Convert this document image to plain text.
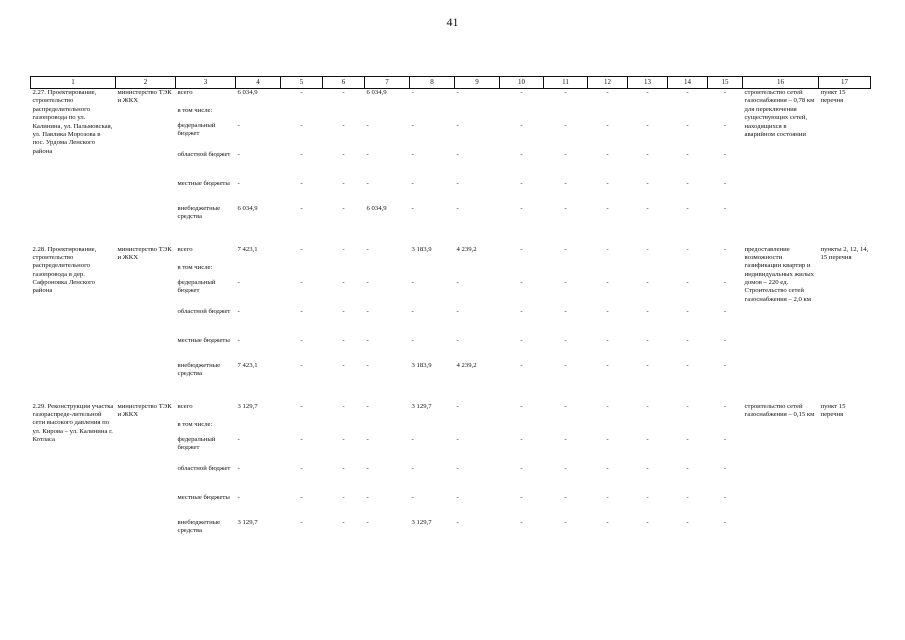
41
1	2	3	4	5	6	7	8	9	10	11	12	13	14	15	16	17
2.27. Проектирование, строительство распределительного газопровода по ул. Калинина, ул. Пальмовская, ул. Павлика Морозова в пос. Урдома Ленского района	министерство ТЭК и ЖКХ	всего	6 034,9	-	-	6 034,9	-	-	-	-	-	-	-	-	строительство сетей газоснабжения – 0,78 км для переключения существующих сетей, находящихся в аварийном состоянии	пункт 15 перечня
		в том числе:														
		федеральный бюджет	-	-	-	-	-	-	-	-	-	-	-	-		
		областной бюджет	-	-	-	-	-	-	-	-	-	-	-	-		
		местные бюджеты	-	-	-	-	-	-	-	-	-	-	-	-		
		внебюджетные средства	6 034,9	-	-	6 034,9	-	-	-	-	-	-	-	-		

2.28. Проектирование, строительство распределительного газопровода в дер. Сафроновка Ленского района	министерство ТЭК и ЖКХ	всего	7 423,1	-	-	-	3 183,9	4 239,2	-	-	-	-	-	-	предоставление возможности газификации квартир и индивидуальных жилых домов – 220 ед. Строительство сетей газоснабжения – 2,0 км	пункты 2, 12, 14, 15 перечня
		в том числе:														
		федеральный бюджет	-	-	-	-	-	-	-	-	-	-	-	-		
		областной бюджет	-	-	-	-	-	-	-	-	-	-	-	-		
		местные бюджеты	-	-	-	-	-	-	-	-	-	-	-	-		
		внебюджетные средства	7 423,1	-	-	-	3 183,9	4 239,2	-	-	-	-	-	-		

2.29. Реконструкция участка газораспреде-лительной сети высокого давления по ул. Кирова – ул. Калинина г. Котласа	министерство ТЭК и ЖКХ	всего	3 129,7	-	-	-	3 129,7	-	-	-	-	-	-	-	строительство сетей газоснабжения – 0,15 км	пункт 15 перечня
		в том числе:														
		федеральный бюджет	-	-	-	-	-	-	-	-	-	-	-	-		
		областной бюджет	-	-	-	-	-	-	-	-	-	-	-	-		
		местные бюджеты	-	-	-	-	-	-	-	-	-	-	-	-		
		внебюджетные средства	3 129,7	-	-	-	3 129,7	-	-	-	-	-	-	-		
